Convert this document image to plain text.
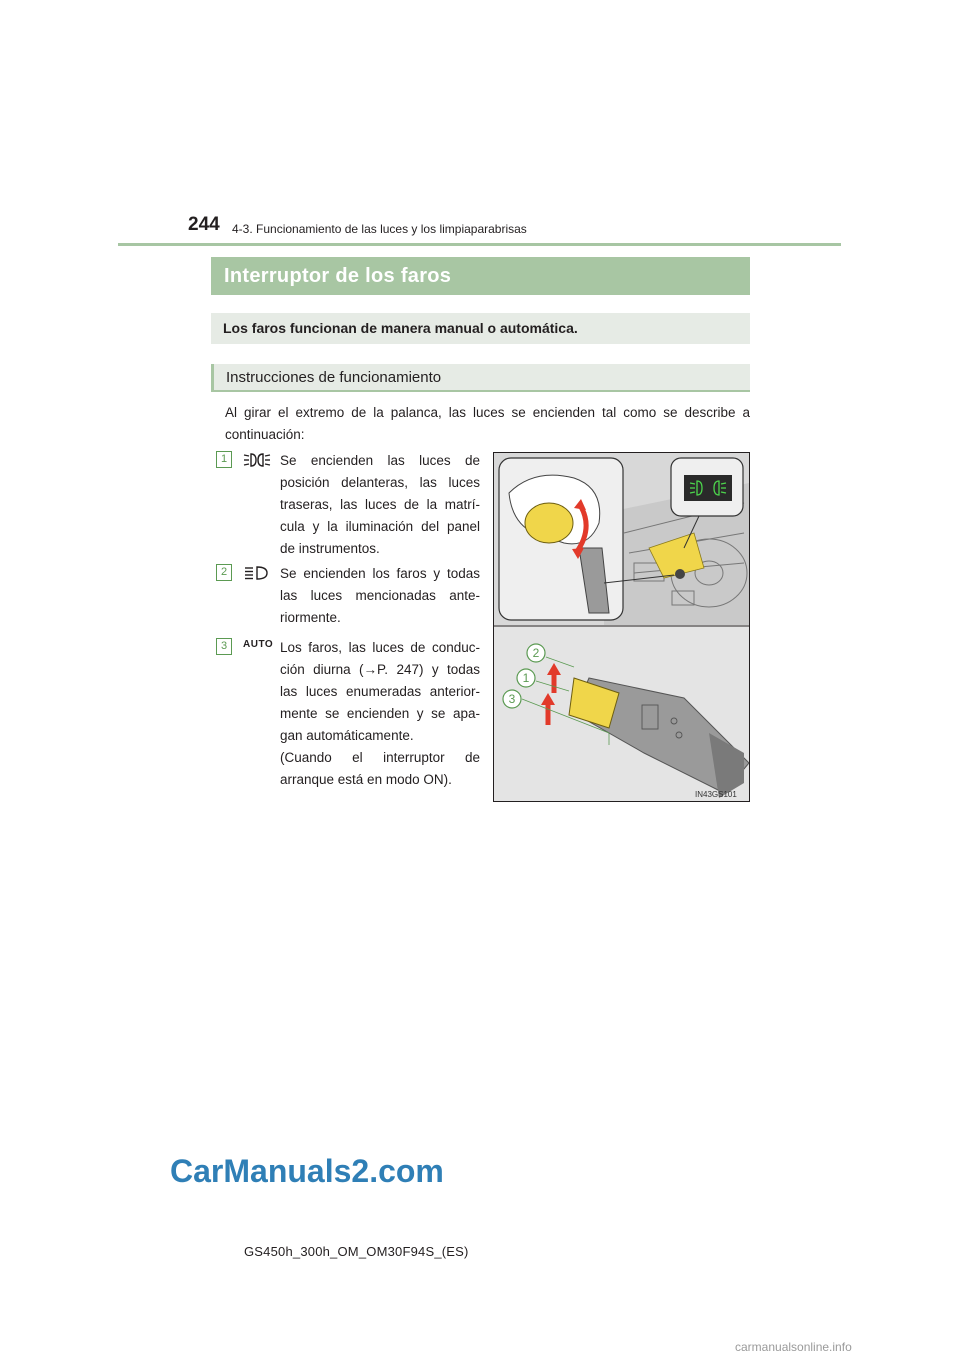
244 4-3. Funcionamiento de las luces y los limpiaparabrisas
Interruptor de los faros
Los faros funcionan de manera manual o automática.
Instrucciones de funcionamiento
Al girar el extremo de la palanca, las luces se encienden tal como se describe a continuación:
1	Se encienden las luces de
posición delanteras, las luces
traseras, las luces de la matrí-
cula y la iluminación del panel
de instrumentos.
2	Se encienden los faros y todas
las luces mencionadas ante-
riormente.
3	AUTO Los faros, las luces de conduc-
ción diurna (→P. 247) y todas
las luces enumeradas anterior-
mente se encienden y se apa-
gan automáticamente.
(Cuando el interruptor de
arranque está en modo ON).
2
1
3
IN43GS101
GS450h_300h_OM_OM30F94S_(ES)
CarManuals2.com
carmanualsonline.info
